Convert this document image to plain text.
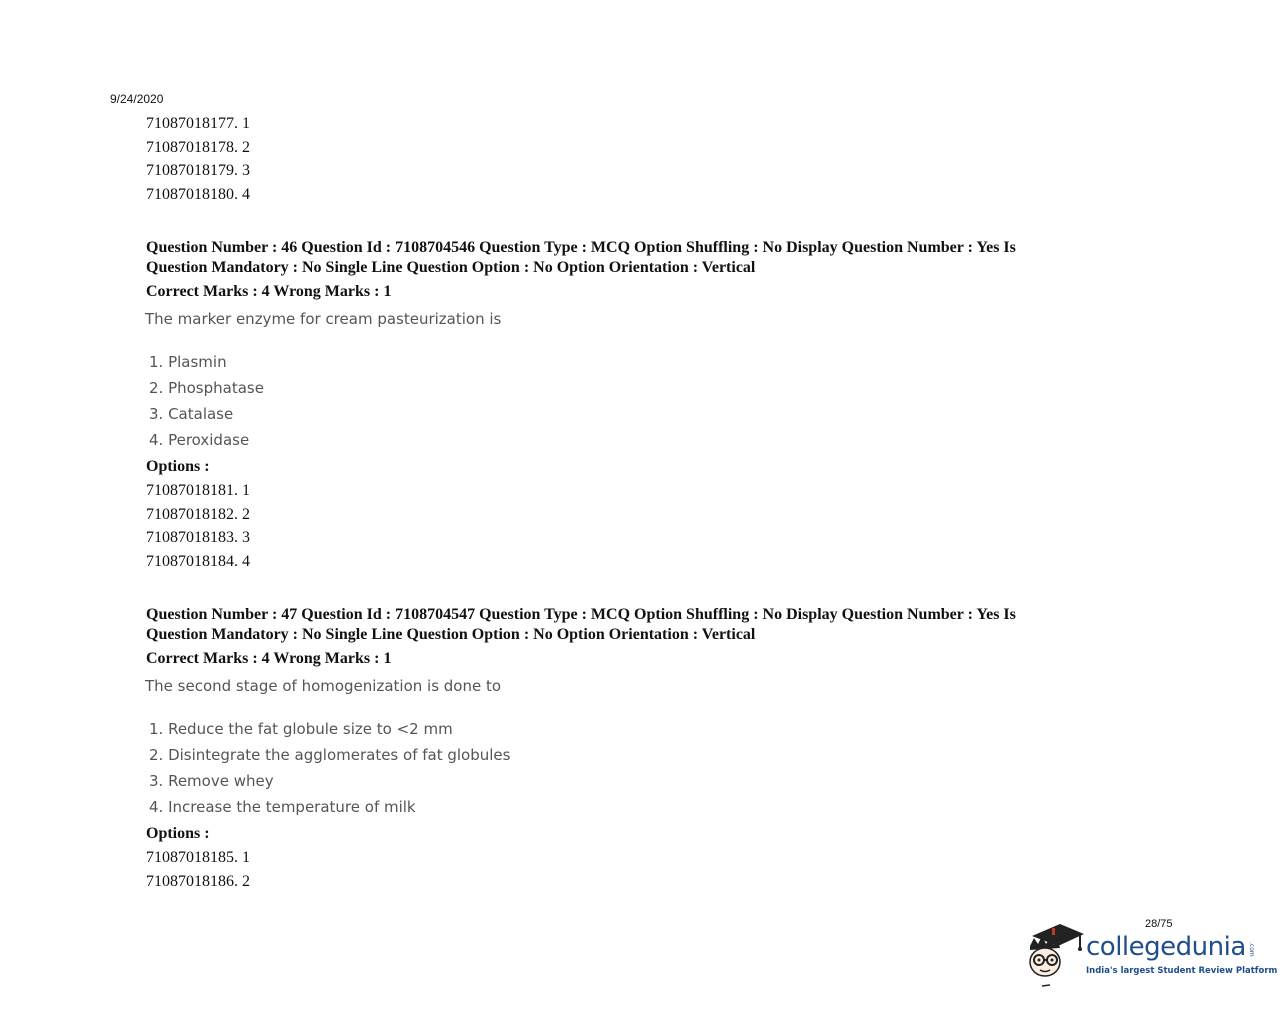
9/24/2020
71087018177. 1
71087018178. 2
71087018179. 3
71087018180. 4
Question Number : 46 Question Id : 7108704546 Question Type : MCQ Option Shuffling : No Display Question Number : Yes Is
Question Mandatory : No Single Line Question Option : No Option Orientation : Vertical
Correct Marks : 4 Wrong Marks : 1
The marker enzyme for cream pasteurization is
1. Plasmin
2. Phosphatase
3. Catalase
4. Peroxidase
Options :
71087018181. 1
71087018182. 2
71087018183. 3
71087018184. 4
Question Number : 47 Question Id : 7108704547 Question Type : MCQ Option Shuffling : No Display Question Number : Yes Is
Question Mandatory : No Single Line Question Option : No Option Orientation : Vertical
Correct Marks : 4 Wrong Marks : 1
The second stage of homogenization is done to
1. Reduce the fat globule size to <2 mm
2. Disintegrate the agglomerates of fat globules
3. Remove whey
4. Increase the temperature of milk
Options :
71087018185. 1
71087018186. 2
28/75
collegedunia .com
India's largest Student Review Platform
